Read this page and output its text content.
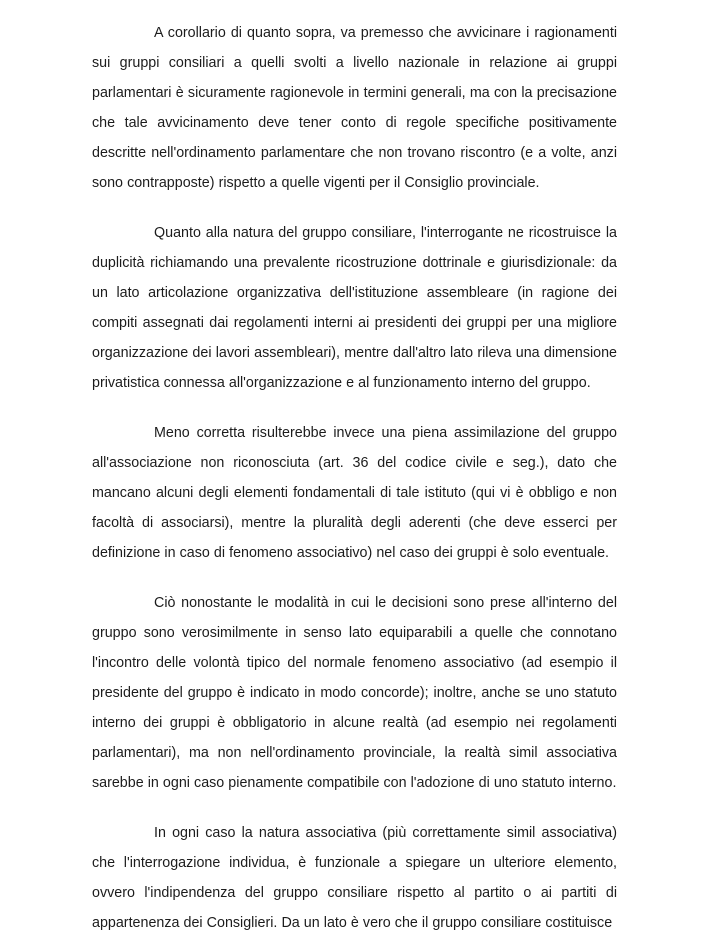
A corollario di quanto sopra, va premesso che avvicinare i ragionamenti sui gruppi consiliari a quelli svolti a livello nazionale in relazione ai gruppi parlamentari è sicuramente ragionevole in termini generali, ma con la precisazione che tale avvicinamento deve tener conto di regole specifiche positivamente descritte nell'ordinamento parlamentare che non trovano riscontro (e a volte, anzi sono contrapposte) rispetto a quelle vigenti per il Consiglio provinciale.

Quanto alla natura del gruppo consiliare, l'interrogante ne ricostruisce la duplicità richiamando una prevalente ricostruzione dottrinale e giurisdizionale: da un lato articolazione organizzativa dell'istituzione assembleare (in ragione dei compiti assegnati dai regolamenti interni ai presidenti dei gruppi per una migliore organizzazione dei lavori assembleari), mentre dall'altro lato rileva una dimensione privatistica connessa all'organizzazione e al funzionamento interno del gruppo.

Meno corretta risulterebbe invece una piena assimilazione del gruppo all'associazione non riconosciuta (art. 36 del codice civile e seg.), dato che mancano alcuni degli elementi fondamentali di tale istituto (qui vi è obbligo e non facoltà di associarsi), mentre la pluralità degli aderenti (che deve esserci per definizione in caso di fenomeno associativo) nel caso dei gruppi è solo eventuale.

Ciò nonostante le modalità in cui le decisioni sono prese all'interno del gruppo sono verosimilmente in senso lato equiparabili a quelle che connotano l'incontro delle volontà tipico del normale fenomeno associativo (ad esempio il presidente del gruppo è indicato in modo concorde); inoltre, anche se uno statuto interno dei gruppi è obbligatorio in alcune realtà (ad esempio nei regolamenti parlamentari), ma non nell'ordinamento provinciale, la realtà simil associativa sarebbe in ogni caso pienamente compatibile con l'adozione di uno statuto interno.

In ogni caso la natura associativa (più correttamente simil associativa) che l'interrogazione individua, è funzionale a spiegare un ulteriore elemento, ovvero l'indipendenza del gruppo consiliare rispetto al partito o ai partiti di appartenenza dei Consiglieri. Da un lato è vero che il gruppo consiliare costituisce
